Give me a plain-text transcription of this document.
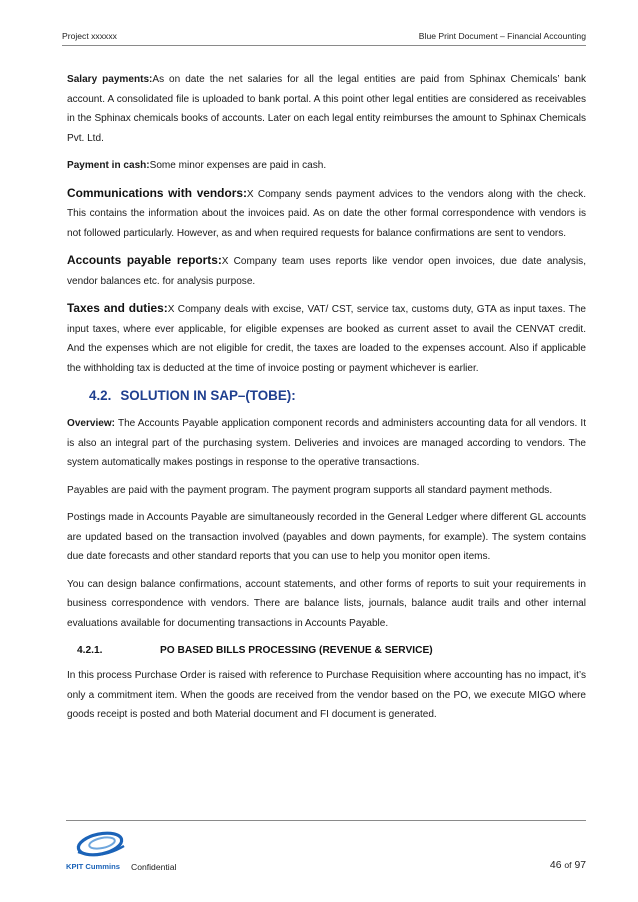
Project xxxxxx	Blue Print Document – Financial Accounting

Salary payments:As on date the net salaries for all the legal entities are paid from Sphinax Chemicals’ bank account. A consolidated file is uploaded to bank portal. A this point other legal entities are considered as receivables in the Sphinax chemicals books of accounts. Later on each legal entity reimburses the amount to Sphinax Chemicals Pvt. Ltd.

Payment in cash:Some minor expenses are paid in cash.

Communications with vendors:X Company sends payment advices to the vendors along with the check. This contains the information about the invoices paid. As on date the other formal correspondence with vendors is not followed particularly. However, as and when required requests for balance confirmations are sent to vendors.

Accounts payable reports:X Company team uses reports like vendor open invoices, due date analysis, vendor balances etc. for analysis purpose.

Taxes and duties:X Company deals with excise, VAT/ CST, service tax, customs duty, GTA as input taxes. The input taxes, where ever applicable, for eligible expenses are booked as current asset to avail the CENVAT credit. And the expenses which are not eligible for credit, the taxes are loaded to the expenses account. Also if applicable the withholding tax is deducted at the time of invoice posting or payment whichever is earlier.

4.2. SOLUTION IN SAP–(TOBE):

Overview: The Accounts Payable application component records and administers accounting data for all vendors. It is also an integral part of the purchasing system. Deliveries and invoices are managed according to vendors. The system automatically makes postings in response to the operative transactions.

Payables are paid with the payment program. The payment program supports all standard payment methods.

Postings made in Accounts Payable are simultaneously recorded in the General Ledger where different GL accounts are updated based on the transaction involved (payables and down payments, for example). The system contains due date forecasts and other standard reports that you can use to help you monitor open items.

You can design balance confirmations, account statements, and other forms of reports to suit your requirements in business correspondence with vendors. There are balance lists, journals, balance audit trails and other internal evaluations available for documenting transactions in Accounts Payable.

4.2.1.	PO BASED BILLS PROCESSING (REVENUE & SERVICE)

In this process Purchase Order is raised with reference to Purchase Requisition where accounting has no impact, it’s only a commitment item. When the goods are received from the vendor based on the PO, we execute MIGO where goods receipt is posted and both Material document and FI document is generated.

KPIT Cummins Confidential	46 of 97
